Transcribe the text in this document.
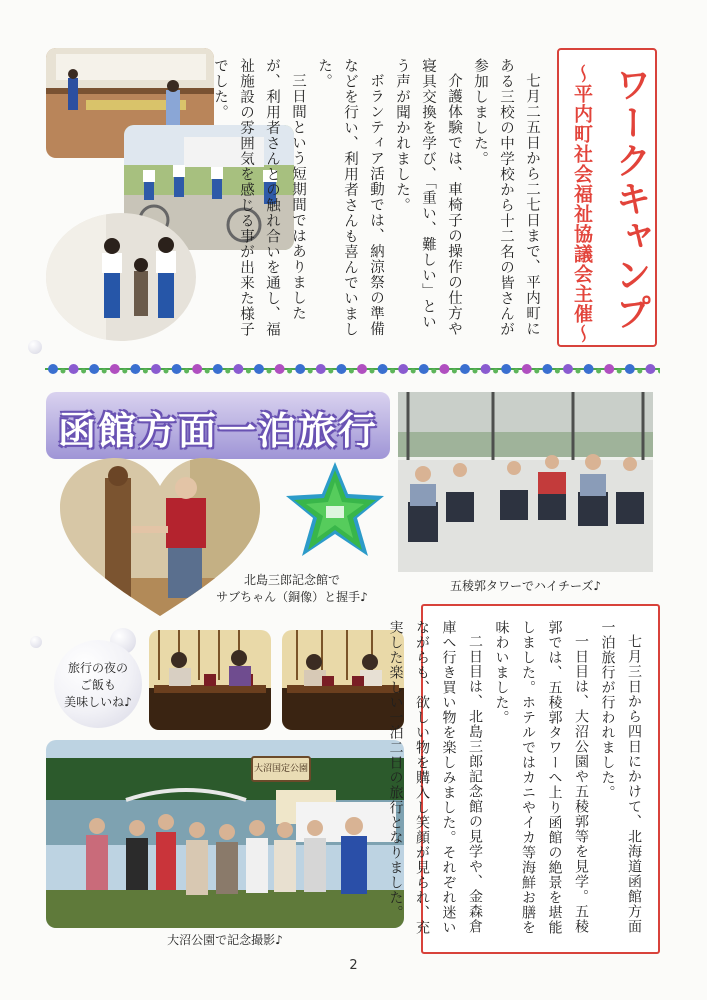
七月二五日から二七日まで、平内町にある三校の中学校から十二名の皆さんが参加しました。

介護体験では、車椅子の操作の仕方や寝具交換を学び、「重い、難しい」という声が聞かれました。

ボランティア活動では、納涼祭の準備などを行い、利用者さんも喜んでいました。

三日間という短期間ではありましたが、利用者さんとの触れ合いを通し、福祉施設の雰囲気を感じる事が出来た様子でした。	ワークキャンプ
～平内町社会福祉協議会主催～
函館方面一泊旅行
北島三郎記念館で
サブちゃん（銅像）と握手♪
五稜郭タワーでハイチーズ♪
旅行の夜の
ご飯も
美味しいね♪
大沼国定公園
大沼公園で記念撮影♪

七月三日から四日にかけて、北海道函館方面一泊旅行が行われました。

一日目は、大沼公園や五稜郭等を見学。五稜郭では、五稜郭タワーへ上り函館の絶景を堪能しました。ホテルではカニやイカ等海鮮お膳を味わいました。

二日目は、北島三郎記念館の見学や、金森倉庫へ行き買い物を楽しみました。それぞれ迷いながらも、欲しい物を購入し笑顔が見られ、充実した楽しい一泊二日の旅行となりました。

2
